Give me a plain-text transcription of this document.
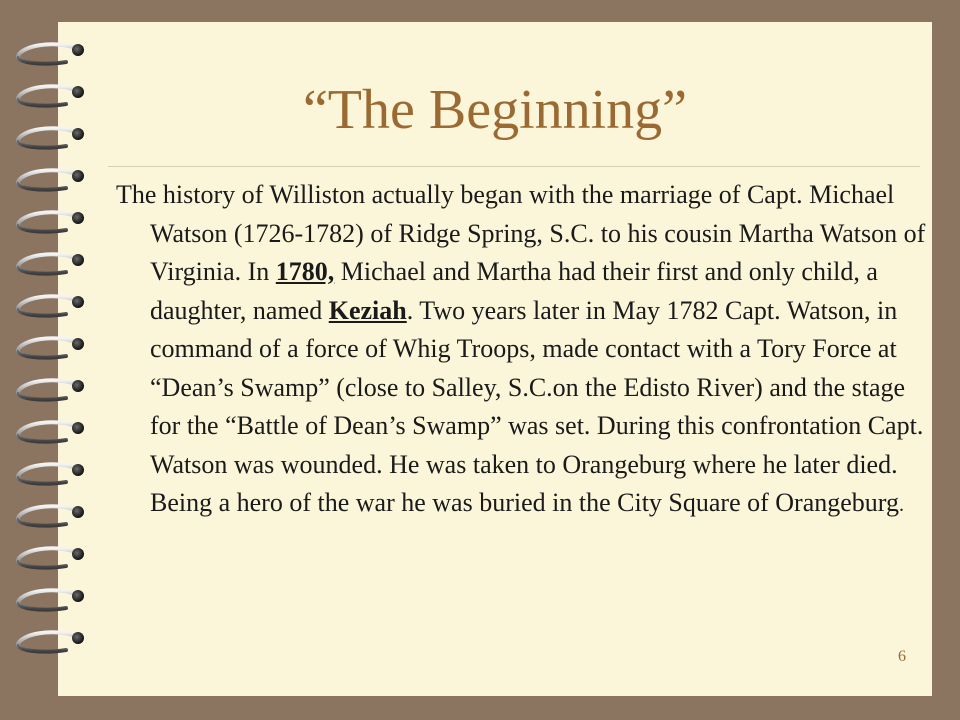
“The Beginning”

The history of Williston actually began with the marriage of Capt. Michael Watson (1726-1782) of Ridge Spring, S.C. to his cousin Martha Watson of Virginia. In 1780, Michael and Martha had their first and only child, a daughter, named Keziah. Two years later in May 1782 Capt. Watson, in command of a force of Whig Troops, made contact with a Tory Force at “Dean’s Swamp” (close to Salley, S.C.on the Edisto River) and the stage for the “Battle of Dean’s Swamp” was set. During this confrontation Capt. Watson was wounded. He was taken to Orangeburg where he later died. Being a hero of the war he was buried in the City Square of Orangeburg.

6
